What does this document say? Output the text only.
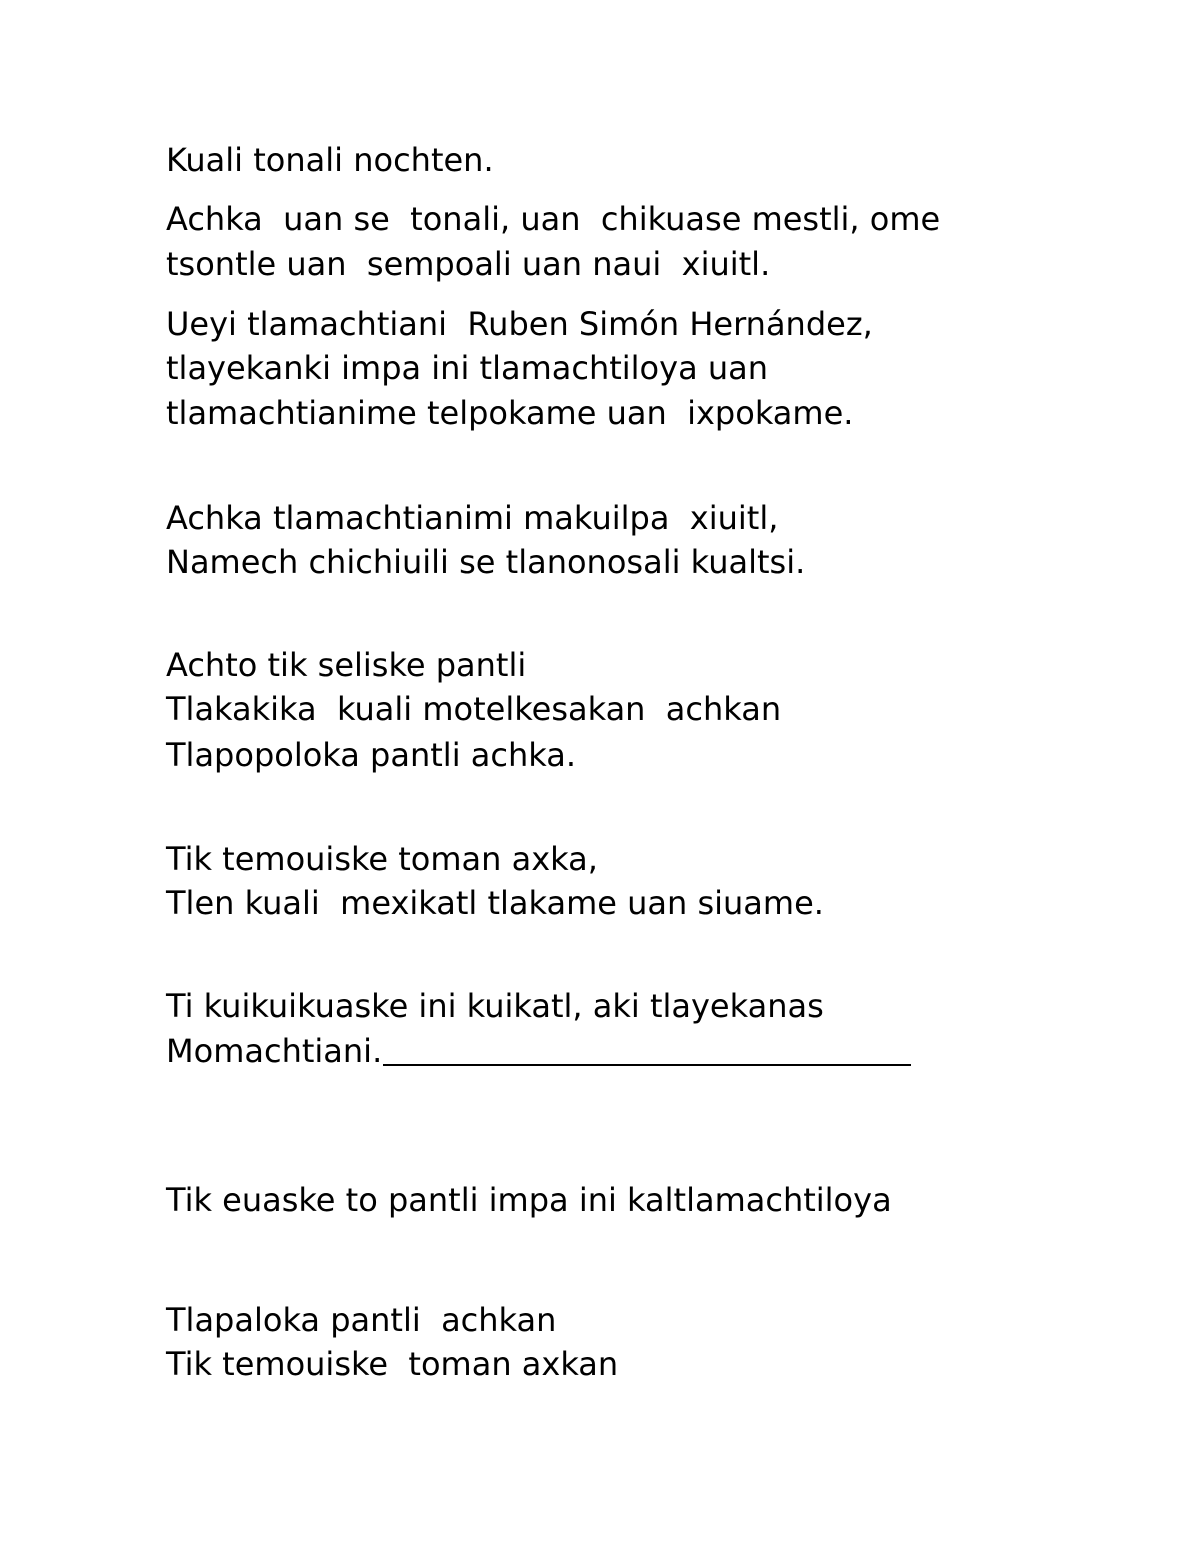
Kuali tonali nochten.

Achka  uan se  tonali, uan  chikuase mestli, ome

tsontle uan  sempoali uan naui  xiuitl.

Ueyi tlamachtiani  Ruben Simón Hernández,

tlayekanki impa ini tlamachtiloya uan

tlamachtianime telpokame uan  ixpokame.

Achka tlamachtianimi makuilpa  xiuitl,

Namech chichiuili se tlanonosali kualtsi.

Achto tik seliske pantli

Tlakakika  kuali motelkesakan  achkan

Tlapopoloka pantli achka.

Tik temouiske toman axka,

Tlen kuali  mexikatl tlakame uan siuame.

Ti kuikuikuaske ini kuikatl, aki tlayekanas

Momachtiani.

Tik euaske to pantli impa ini kaltlamachtiloya

Tlapaloka pantli  achkan

Tik temouiske  toman axkan
